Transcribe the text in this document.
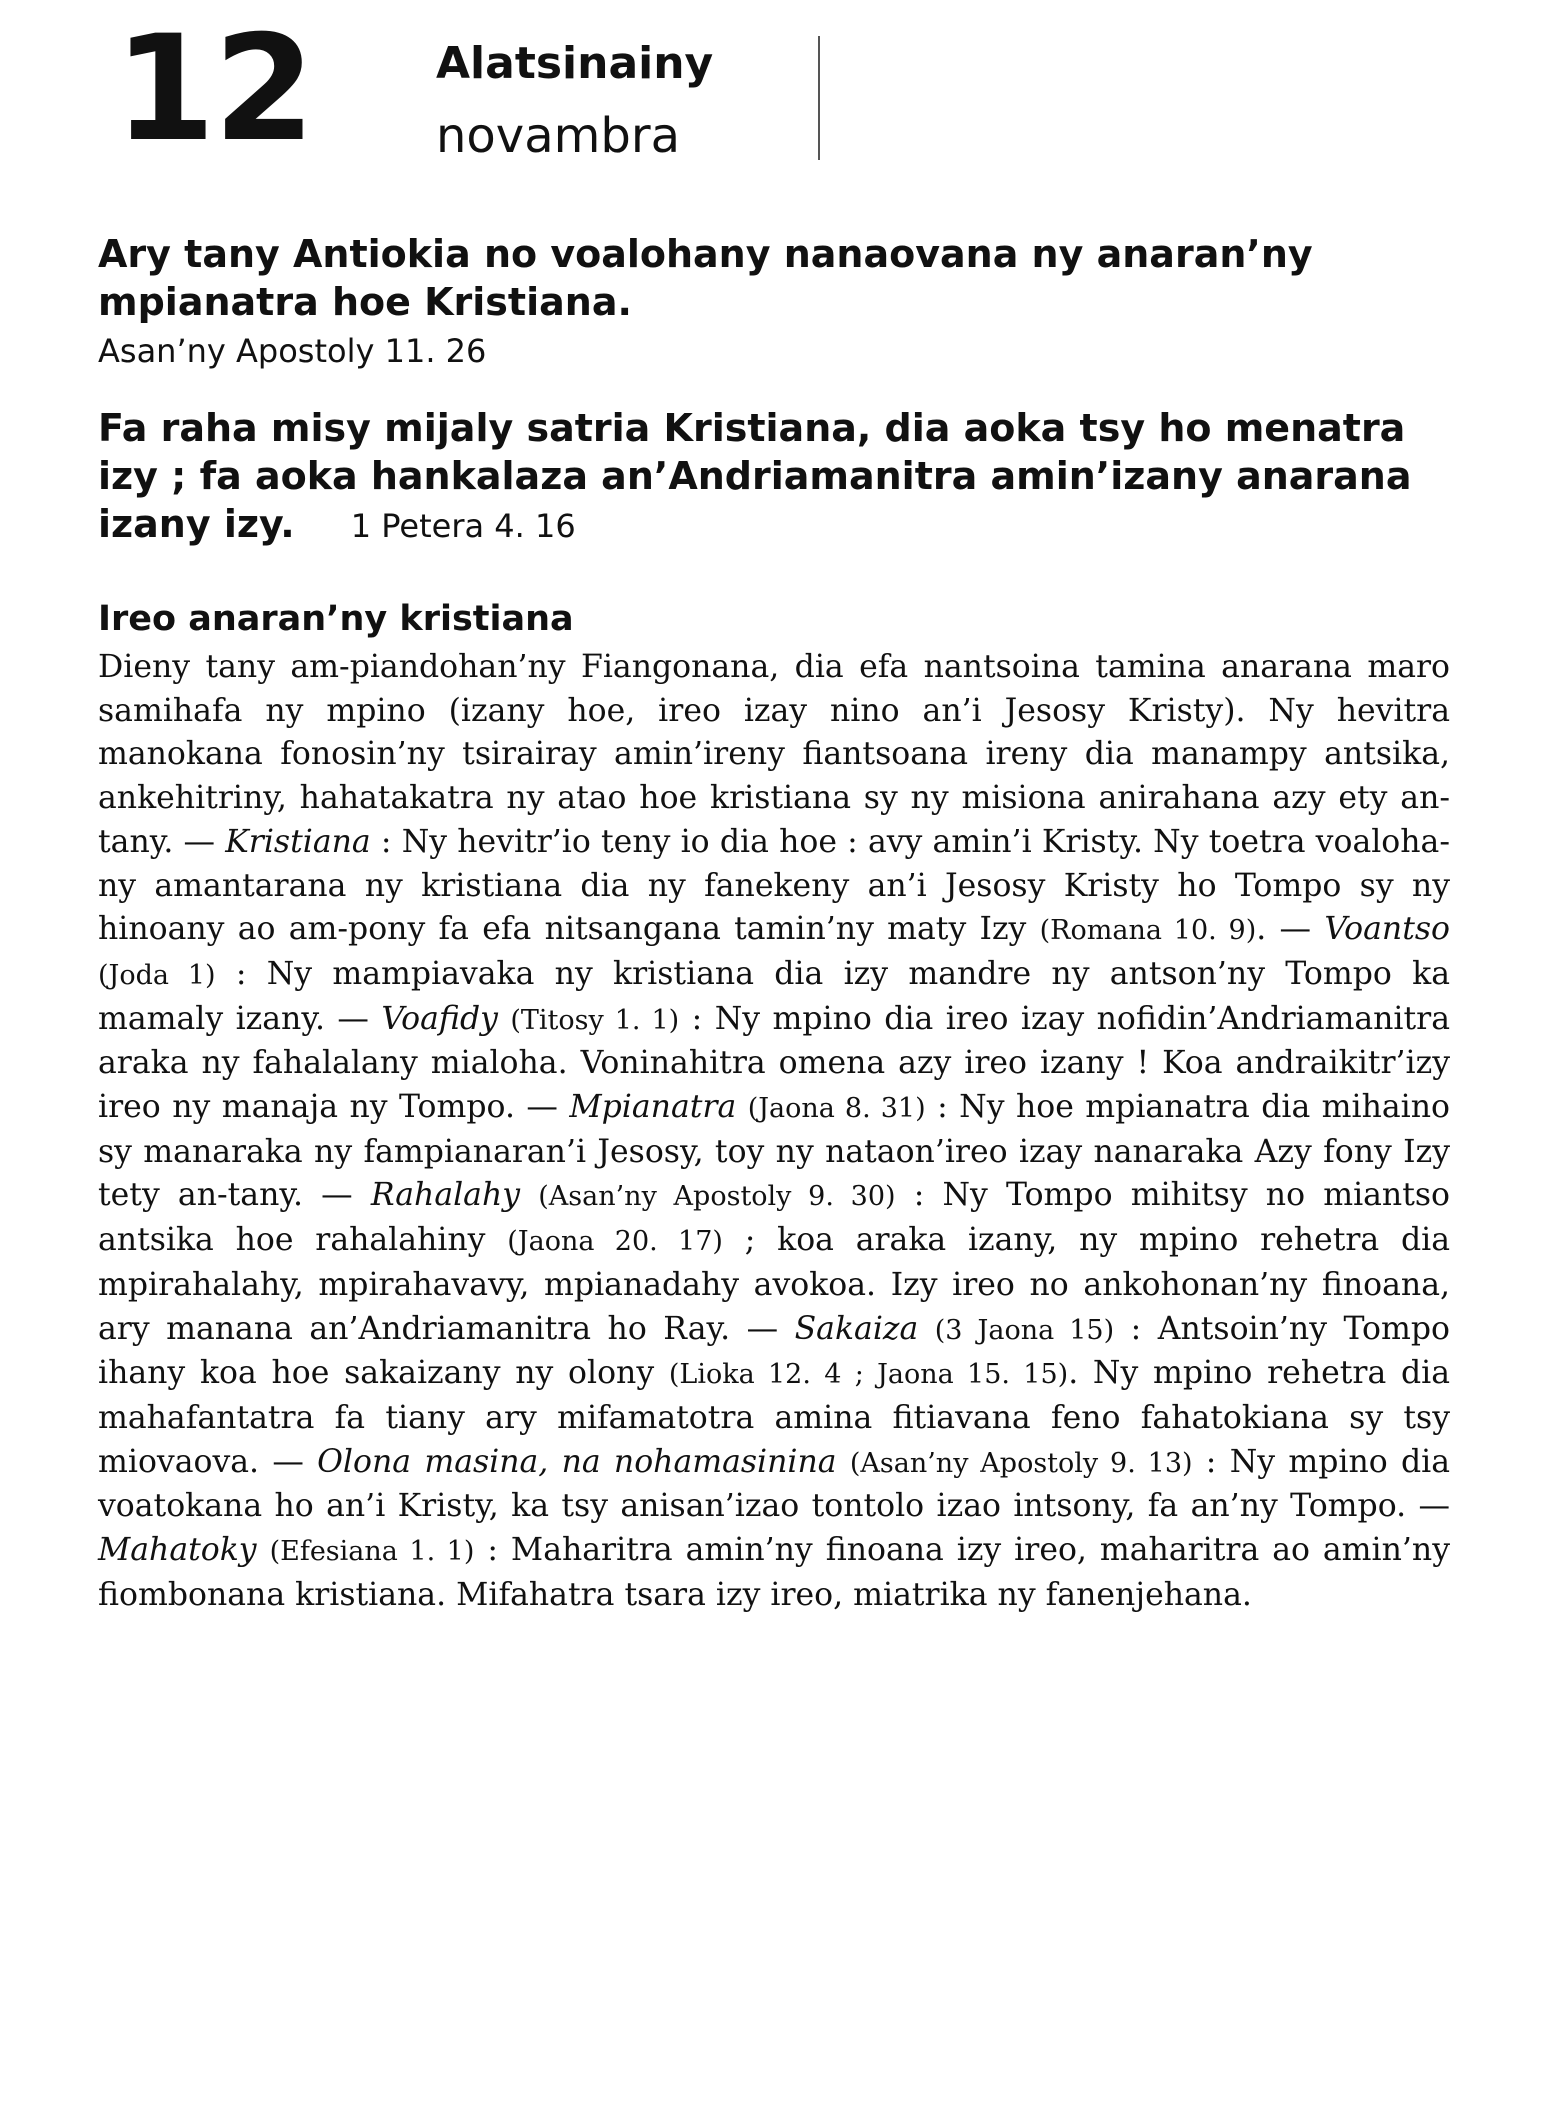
12	Alatsinainy
novambra
Ary tany Antiokia no voalohany nanaovana ny anaran’ny mpianatra hoe Kristiana.
Asan’ny Apostoly 11. 26
Fa raha misy mijaly satria Kristiana, dia aoka tsy ho menatra izy ; fa aoka hankalaza an’Andriamanitra amin’izany anarana izany izy. 1 Petera 4. 16
Ireo anaran’ny kristiana
Dieny tany am-piandohan’ny Fiangonana, dia efa nantsoina tamina anarana maro samihafa ny mpino (izany hoe, ireo izay nino an’i Jesosy Kristy). Ny hevitra manokana fonosin’ny tsirairay amin’ireny fiantsoana ireny dia manampy antsika, ankehitriny, hahatakatra ny atao hoe kristiana sy ny misiona anirahana azy ety an-tany. — Kristiana : Ny hevitr’io teny io dia hoe : avy amin’i Kristy. Ny toetra voalohany amantarana ny kristiana dia ny fanekeny an’i Jesosy Kristy ho Tompo sy ny hinoany ao am-pony fa efa nitsangana tamin’ny maty Izy (Romana 10. 9). — Voantso (Joda 1) : Ny mampiavaka ny kristiana dia izy mandre ny antson’ny Tompo ka mamaly izany. — Voafidy (Titosy 1. 1) : Ny mpino dia ireo izay nofidin’Andriamanitra araka ny fahalalany mialoha. Voninahitra omena azy ireo izany ! Koa andraikitr’izy ireo ny manaja ny Tompo. — Mpianatra (Jaona 8. 31) : Ny hoe mpianatra dia mihaino sy manaraka ny fampianaran’i Jesosy, toy ny nataon’ireo izay nanaraka Azy fony Izy tety an-tany. — Rahalahy (Asan’ny Apostoly 9. 30) : Ny Tompo mihitsy no miantso antsika hoe rahalahiny (Jaona 20. 17) ; koa araka izany, ny mpino rehetra dia mpirahalahy, mpirahavavy, mpianadahy avokoa. Izy ireo no ankohonan’ny finoana, ary manana an’Andriamanitra ho Ray. — Sakaiza (3 Jaona 15) : Antsoin’ny Tompo ihany koa hoe sakaizany ny olony (Lioka 12. 4 ; Jaona 15. 15). Ny mpino rehetra dia mahafantatra fa tiany ary mifamatotra amina fitiavana feno fahatokiana sy tsy miovaova. — Olona masina, na nohamasinina (Asan’ny Apostoly 9. 13) : Ny mpino dia voatokana ho an’i Kristy, ka tsy anisan’izao tontolo izao intsony, fa an’ny Tompo. — Mahatoky (Efesiana 1. 1) : Maharitra amin’ny finoana izy ireo, maharitra ao amin’ny fiombonana kristiana. Mifahatra tsara izy ireo, miatrika ny fanenjehana.
